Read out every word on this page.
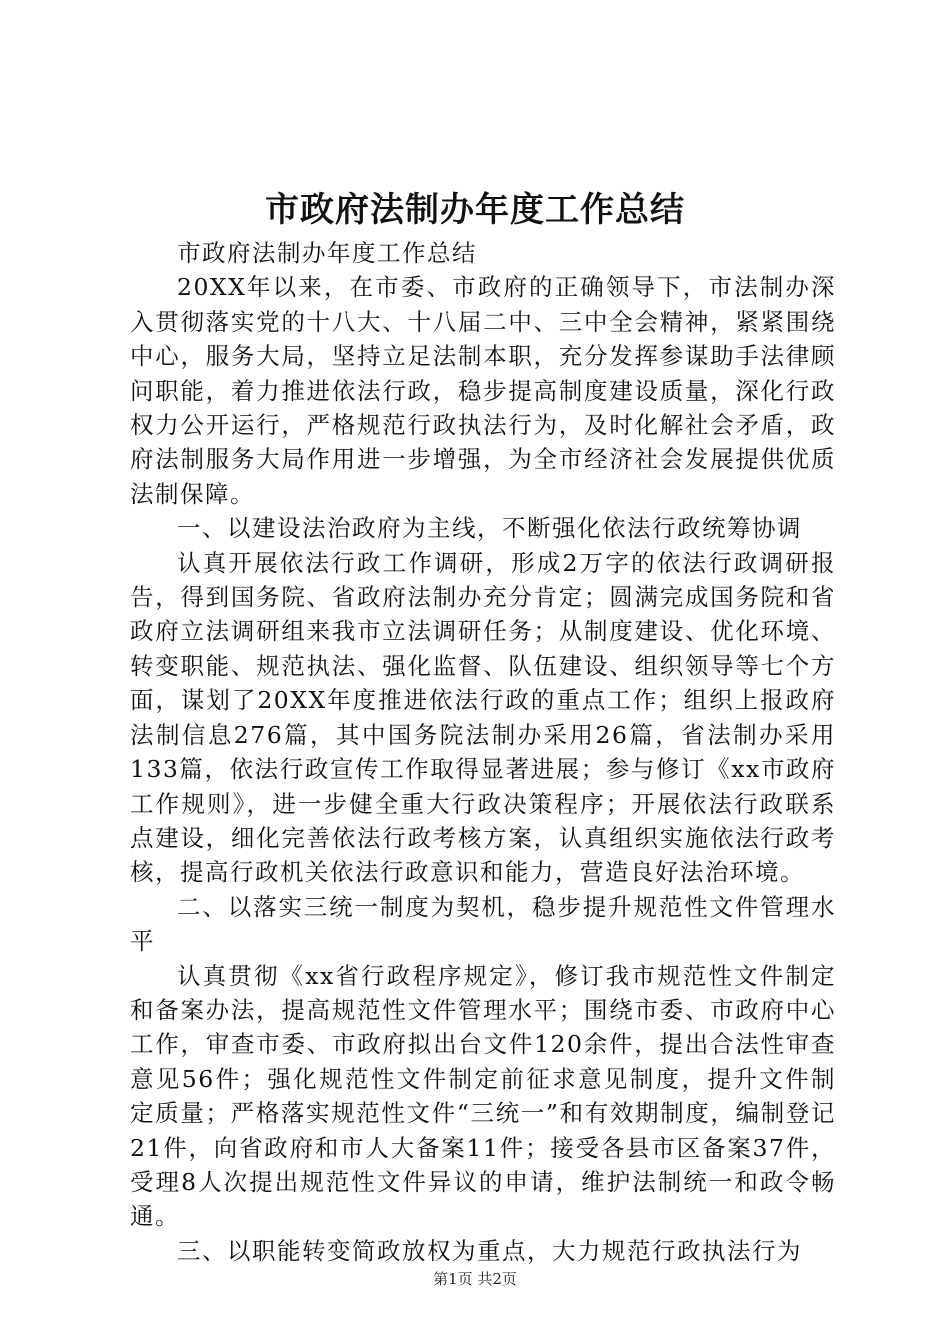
市政府法制办年度工作总结

市政府法制办年度工作总结

20XX年以来，在市委、市政府的正确领导下，市法制办深入贯彻落实党的十八大、十八届二中、三中全会精神，紧紧围绕中心，服务大局，坚持立足法制本职，充分发挥参谋助手法律顾问职能，着力推进依法行政，稳步提高制度建设质量，深化行政权力公开运行，严格规范行政执法行为，及时化解社会矛盾，政府法制服务大局作用进一步增强，为全市经济社会发展提供优质法制保障。

一、以建设法治政府为主线，不断强化依法行政统筹协调

认真开展依法行政工作调研，形成2万字的依法行政调研报告，得到国务院、省政府法制办充分肯定；圆满完成国务院和省政府立法调研组来我市立法调研任务；从制度建设、优化环境、转变职能、规范执法、强化监督、队伍建设、组织领导等七个方面，谋划了20XX年度推进依法行政的重点工作；组织上报政府法制信息276篇，其中国务院法制办采用26篇，省法制办采用133篇，依法行政宣传工作取得显著进展；参与修订《xx市政府工作规则》，进一步健全重大行政决策程序；开展依法行政联系点建设，细化完善依法行政考核方案，认真组织实施依法行政考核，提高行政机关依法行政意识和能力，营造良好法治环境。

二、以落实三统一制度为契机，稳步提升规范性文件管理水平

认真贯彻《xx省行政程序规定》，修订我市规范性文件制定和备案办法，提高规范性文件管理水平；围绕市委、市政府中心工作，审查市委、市政府拟出台文件120余件，提出合法性审查意见56件；强化规范性文件制定前征求意见制度，提升文件制定质量；严格落实规范性文件“三统一”和有效期制度，编制登记21件，向省政府和市人大备案11件；接受各县市区备案37件，受理8人次提出规范性文件异议的申请，维护法制统一和政令畅通。

三、以职能转变简政放权为重点，大力规范行政执法行为

第1页 共2页
